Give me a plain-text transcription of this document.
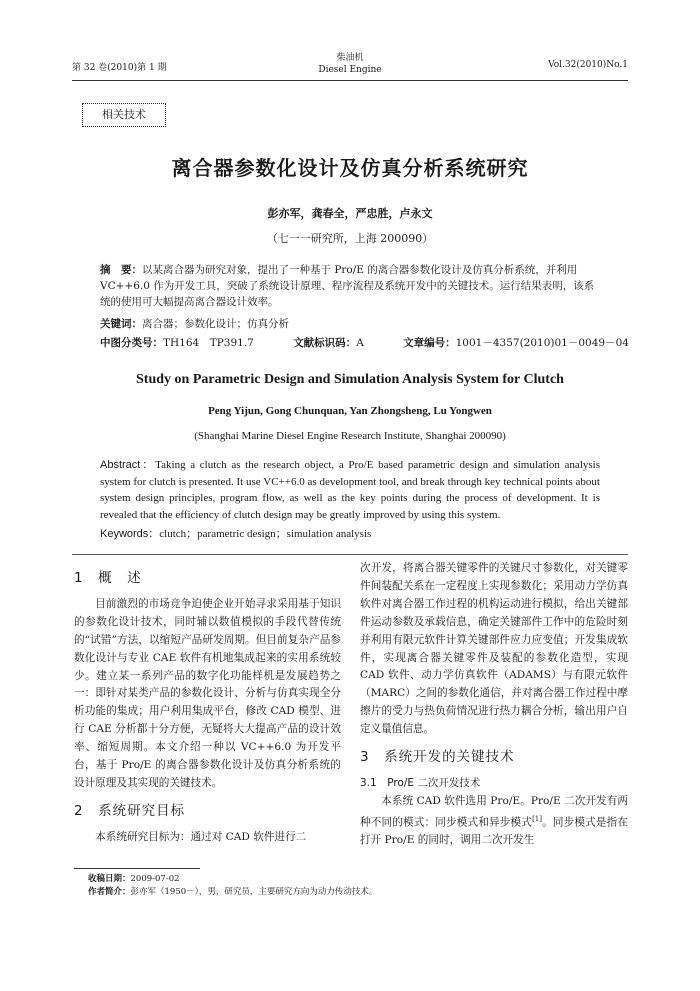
第 32 卷(2010)第 1 期
柴油机
Diesel Engine	Vol.32(2010)No.1
相关技术
离合器参数化设计及仿真分析系统研究
彭亦军，龚春全，严忠胜，卢永文
（七一一研究所，上海 200090）
摘　要：以某离合器为研究对象，提出了一种基于 Pro/E 的离合器参数化设计及仿真分析系统，并利用 VC++6.0 作为开发工具，突破了系统设计原理、程序流程及系统开发中的关键技术。运行结果表明，该系统的使用可大幅提高离合器设计效率。
关键词：离合器；参数化设计；仿真分析
中图分类号：TH164　TP391.7	文献标识码：A	文章编号：1001－4357(2010)01－0049－04
Study on Parametric Design and Simulation Analysis System for Clutch
Peng Yijun, Gong Chunquan, Yan Zhongsheng, Lu Yongwen
(Shanghai Marine Diesel Engine Research Institute, Shanghai 200090)
Abstract：Taking a clutch as the research object, a Pro/E based parametric design and simulation analysis system for clutch is presented. It use VC++6.0 as development tool, and break through key technical points about system design principles, program flow, as well as the key points during the process of development. It is revealed that the efficiency of clutch design may be greatly improved by using this system.
Keywords：clutch；parametric design；simulation analysis
1　概　述

目前激烈的市场竞争迫使企业开始寻求采用基于知识的参数化设计技术，同时辅以数值模拟的手段代替传统的“试错”方法，以缩短产品研发周期。但目前复杂产品参数化设计与专业 CAE 软件有机地集成起来的实用系统较少。建立某一系列产品的数字化功能样机是发展趋势之一：即针对某类产品的参数化设计、分析与仿真实现全分析功能的集成；用户利用集成平台，修改 CAD 模型、进行 CAE 分析都十分方便，无疑将大大提高产品的设计效率、缩短周期。本文介绍一种以 VC++6.0 为开发平台，基于 Pro/E 的离合器参数化设计及仿真分析系统的设计原理及其实现的关键技术。

2　系统研究目标

本系统研究目标为：通过对 CAD 软件进行二

次开发，将离合器关键零件的关键尺寸参数化，对关键零件间装配关系在一定程度上实现参数化；采用动力学仿真软件对离合器工作过程的机构运动进行模拟，给出关键部件运动参数及承载信息，确定关键部件工作中的危险时刻并利用有限元软件计算关键部件应力应变值；开发集成软件，实现离合器关键零件及装配的参数化造型，实现 CAD 软件、动力学仿真软件（ADAMS）与有限元软件（MARC）之间的参数化通信，并对离合器工作过程中摩擦片的受力与热负荷情况进行热力耦合分析，输出用户自定义量值信息。

3　系统开发的关键技术
3.1　Pro/E 二次开发技术

本系统 CAD 软件选用 Pro/E。Pro/E 二次开发有两种不同的模式：同步模式和异步模式[1]。同步模式是指在打开 Pro/E 的同时，调用二次开发生

收稿日期：2009-07-02
作者简介：彭亦军（1950－），男，研究员，主要研究方向为动力传动技术。
